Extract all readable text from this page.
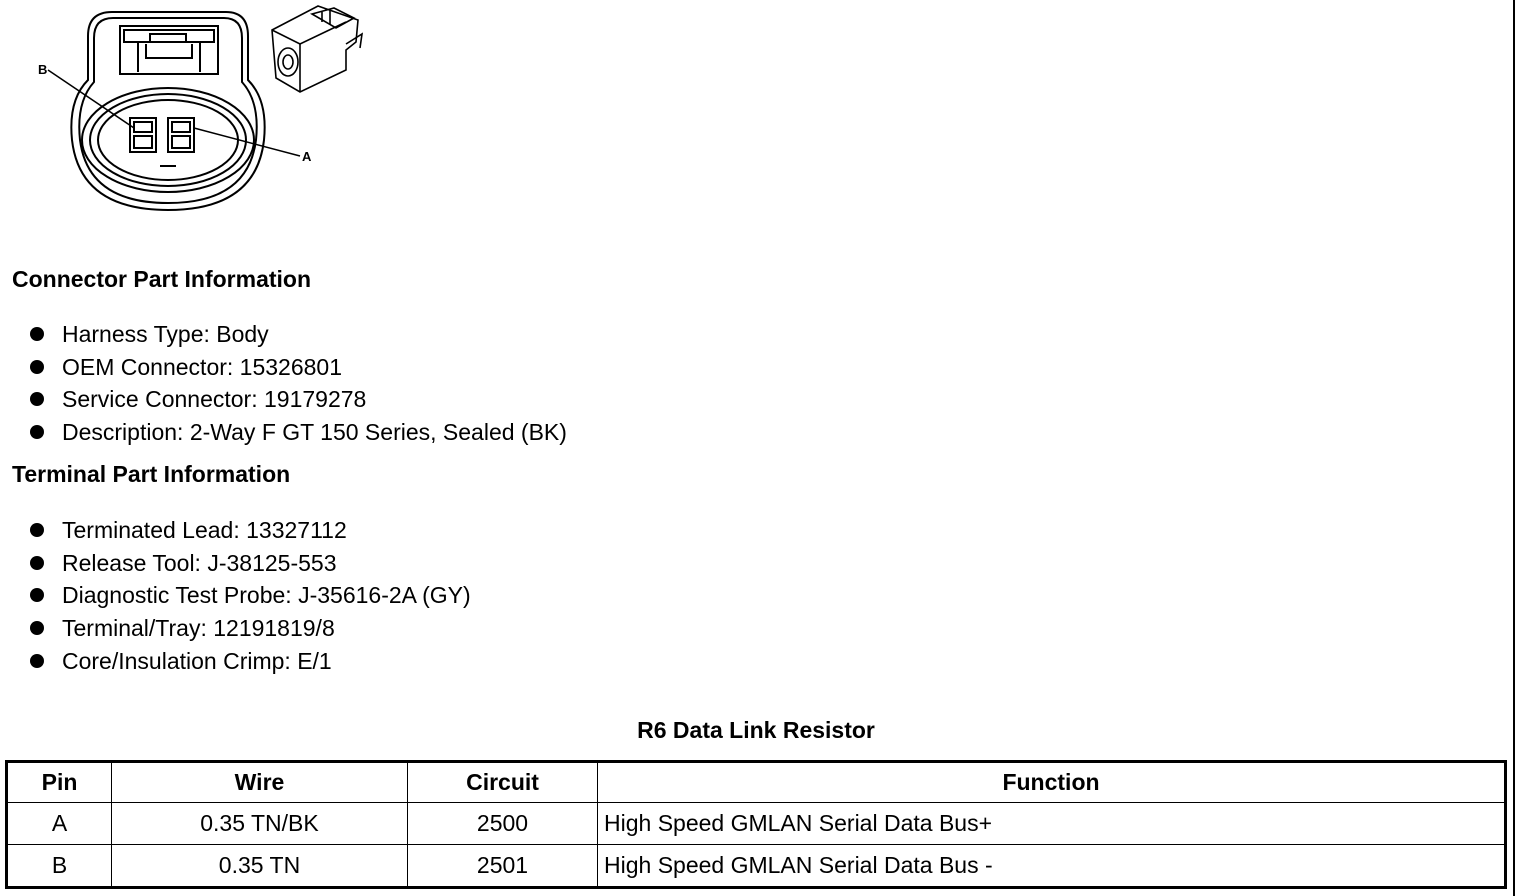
B
A
Connector Part Information
Harness Type: Body
OEM Connector: 15326801
Service Connector: 19179278
Description: 2-Way F GT 150 Series, Sealed (BK)
Terminal Part Information
Terminated Lead: 13327112
Release Tool: J-38125-553
Diagnostic Test Probe: J-35616-2A (GY)
Terminal/Tray: 12191819/8
Core/Insulation Crimp: E/1
R6 Data Link Resistor
Pin	Wire	Circuit	Function
A	0.35 TN/BK	2500	High Speed GMLAN Serial Data Bus+
B	0.35 TN	2501	High Speed GMLAN Serial Data Bus -
